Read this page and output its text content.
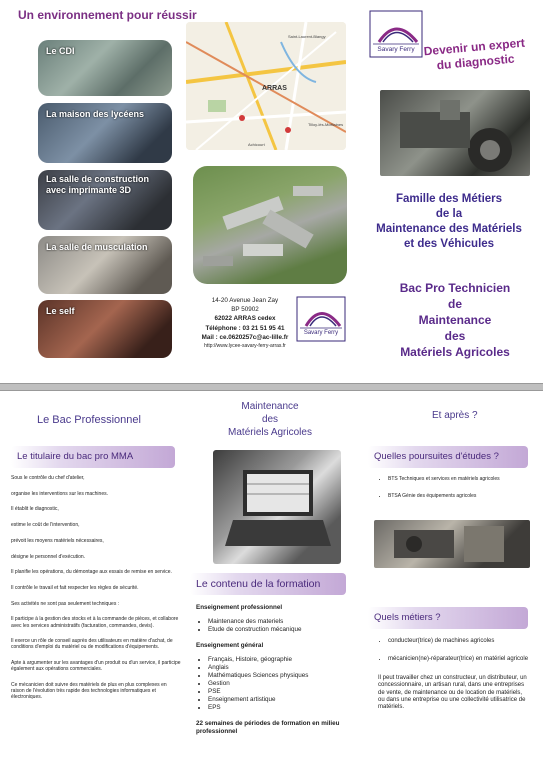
Un environnement pour réussir
Le CDI
La maison des lycéens
La salle de construction avec imprimante 3D
La salle de musculation
Le self
ARRAS
Saint-Laurent-Blangy
Achicourt
Tilloy-lès-Mofflaines
14-20 Avenue Jean Zay
BP 50902
62022 ARRAS cedex
Téléphone : 03 21 51 95 41
Mail : ce.0620257c@ac-lille.fr
http://www.lycee-savary-ferry-arras.fr
Savary Ferry
Savary Ferry Devenir un expert du diagnostic
Famille des Métiers
de la
Maintenance des Matériels
et des Véhicules
Bac Pro Technicien
de
Maintenance
des
Matériels Agricoles
Le Bac Professionnel
Maintenance
des
Matériels Agricoles
Et après ?
Le titulaire du bac pro MMA

Sous le contrôle du chef d'atelier,

organise les interventions sur les machines.

Il établit le diagnostic,

estime le coût de l'intervention,

prévoit les moyens matériels nécessaires,

désigne le personnel d'exécution.

Il planifie les opérations, du démontage aux essais de remise en service.

Il contrôle le travail et fait respecter les règles de sécurité.

Ses activités ne sont pas seulement techniques :

Il participe à la gestion des stocks et à la commande de pièces, et collabore avec les services administratifs (facturation, commandes, devis).

Il exerce un rôle de conseil auprès des utilisateurs en matière d'achat, de conditions d'emploi du matériel ou de modifications d'équipements.

Apte à argumenter sur les avantages d'un produit ou d'un service, il participe également aux opérations commerciales.

Ce mécanicien doit suivre des matériels de plus en plus complexes en raison de l'évolution très rapide des technologies informatiques et électroniques.

Le contenu de la formation
Enseignement professionnel
• Maintenance des materiels
• Etude de construction mécanique
Enseignement général
• Français, Histoire, géographie
• Anglais
• Mathématiques Sciences physiques
• Gestion
• PSE
• Enseignement artistique
• EPS
22 semaines de périodes de formation en milieu professionnel
Quelles poursuites d'études ?
• BTS Techniques et services en matériels agricoles
• BTSA Génie des équipements agricoles
Quels métiers ?
• conducteur(trice) de machines agricoles
• mécanicien(ne)-réparateur(trice) en matériel agricole
Il peut travailler chez un constructeur, un distributeur, un concessionnaire, un artisan rural, dans une entreprises de vente, de maintenance ou de location de matériels, ou dans une entreprise ou une collectivité utilisatrice de matériels.
